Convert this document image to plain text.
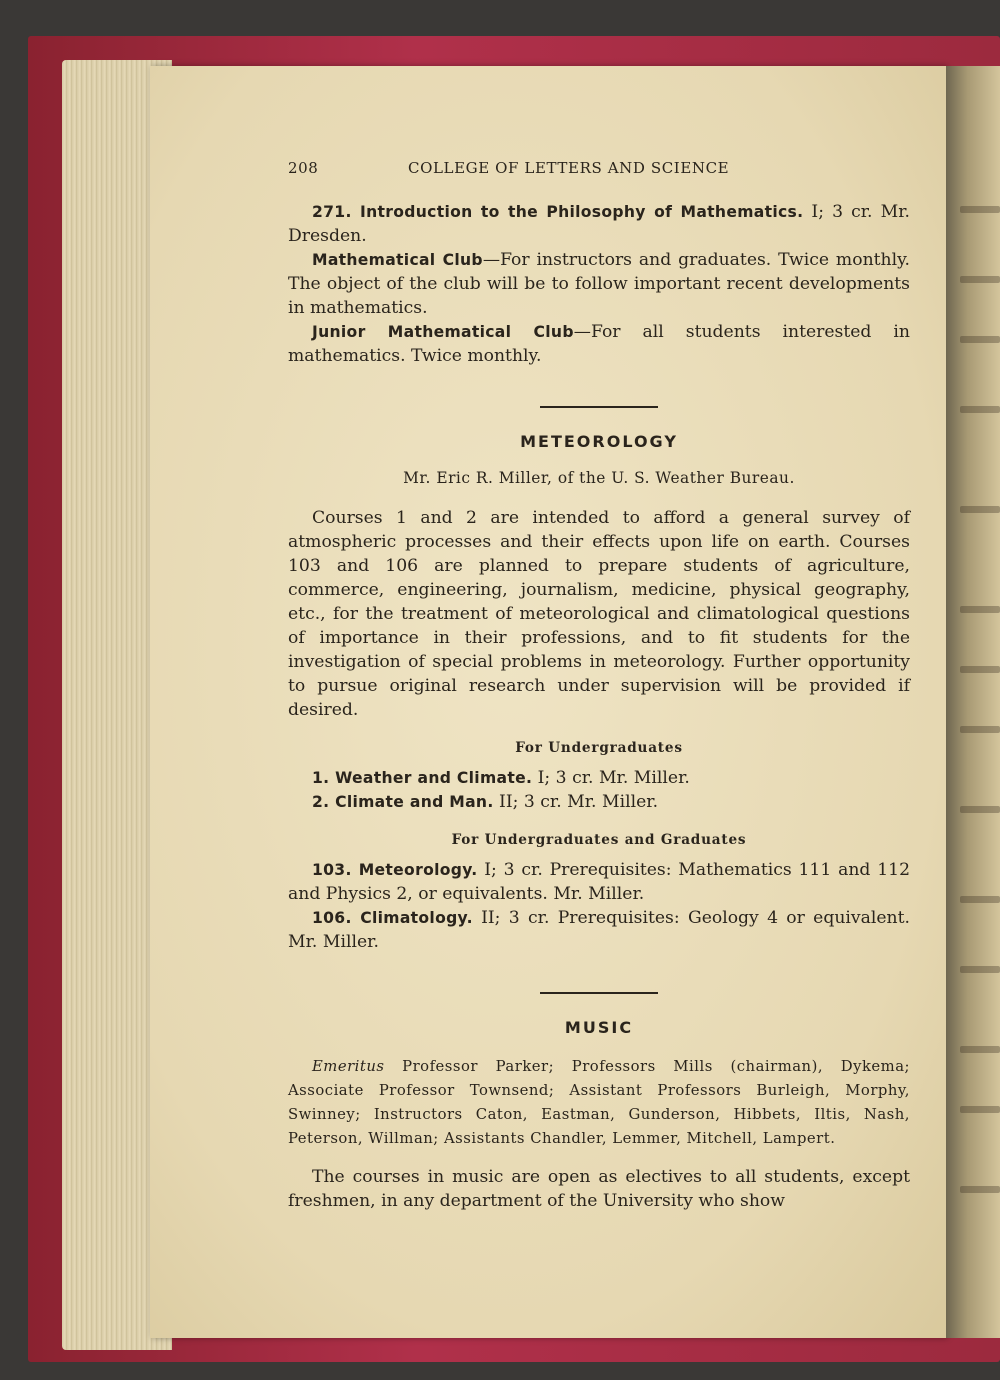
208	COLLEGE OF LETTERS AND SCIENCE

271. Introduction to the Philosophy of Mathematics. I; 3 cr. Mr. Dresden.

Mathematical Club—For instructors and graduates. Twice monthly. The object of the club will be to follow important recent developments in mathematics.

Junior Mathematical Club—For all students interested in mathematics. Twice monthly.

METEOROLOGY
Mr. Eric R. Miller, of the U. S. Weather Bureau.

Courses 1 and 2 are intended to afford a general survey of atmospheric processes and their effects upon life on earth. Courses 103 and 106 are planned to prepare students of agriculture, commerce, engineering, journalism, medicine, physical geography, etc., for the treatment of meteorological and climatological questions of importance in their professions, and to fit students for the investigation of special problems in meteorology. Further opportunity to pursue original research under supervision will be provided if desired.

For Undergraduates

1. Weather and Climate. I; 3 cr. Mr. Miller.

2. Climate and Man. II; 3 cr. Mr. Miller.

For Undergraduates and Graduates

103. Meteorology. I; 3 cr. Prerequisites: Mathematics 111 and 112 and Physics 2, or equivalents. Mr. Miller.

106. Climatology. II; 3 cr. Prerequisites: Geology 4 or equivalent. Mr. Miller.

MUSIC

Emeritus Professor Parker; Professors Mills (chairman), Dykema; Associate Professor Townsend; Assistant Professors Burleigh, Morphy, Swinney; Instructors Caton, Eastman, Gunderson, Hibbets, Iltis, Nash, Peterson, Willman; Assistants Chandler, Lemmer, Mitchell, Lampert.

The courses in music are open as electives to all students, except freshmen, in any department of the University who show
